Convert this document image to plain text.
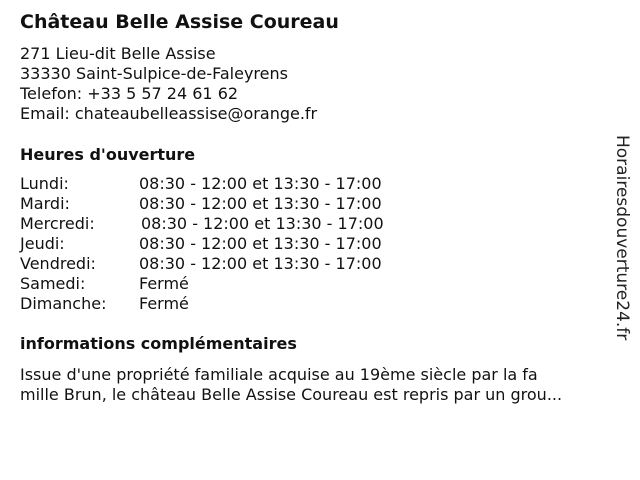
Château Belle Assise Coureau
271 Lieu-dit Belle Assise
33330 Saint-Sulpice-de-Faleyrens
Telefon: +33 5 57 24 61 62
Email: chateaubelleassise@orange.fr
Heures d'ouverture
Lundi:	08:30 - 12:00 et 13:30 - 17:00
Mardi:	08:30 - 12:00 et 13:30 - 17:00
Mercredi:	08:30 - 12:00 et 13:30 - 17:00
Jeudi:	08:30 - 12:00 et 13:30 - 17:00
Vendredi:	08:30 - 12:00 et 13:30 - 17:00
Samedi:	Fermé
Dimanche: Fermé
informations complémentaires
Issue d'une propriété familiale acquise au 19ème siècle par la fa
mille Brun, le château Belle Assise Coureau est repris par un grou...
Horairesdouverture24.fr
